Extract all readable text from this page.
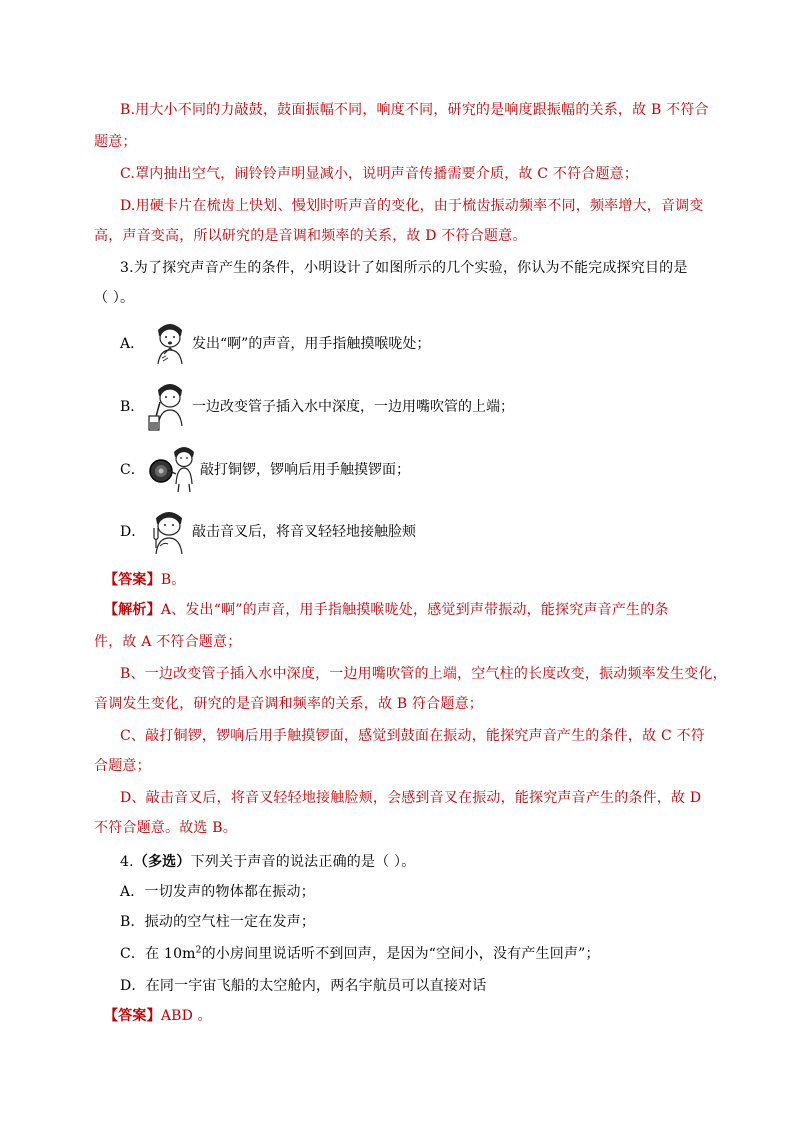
B.用大小不同的力敲鼓，鼓面振幅不同，响度不同，研究的是响度跟振幅的关系，故 B 不符合
题意；
C.罩内抽出空气，闹铃铃声明显减小，说明声音传播需要介质，故 C 不符合题意；
D.用硬卡片在梳齿上快划、慢划时听声音的变化，由于梳齿振动频率不同，频率增大，音调变
高，声音变高，所以研究的是音调和频率的关系，故 D 不符合题意。
3.为了探究声音产生的条件，小明设计了如图所示的几个实验，你认为不能完成探究目的是
（ ）。
A．	发出“啊”的声音，用手指触摸喉咙处；
B．	一边改变管子插入水中深度，一边用嘴吹管的上端；
C．	敲打铜锣，锣响后用手触摸锣面；
D．	敲击音叉后，将音叉轻轻地接触脸颊
【答案】B。
【解析】A、发出“啊”的声音，用手指触摸喉咙处，感觉到声带振动，能探究声音产生的条
件，故 A 不符合题意；
B、一边改变管子插入水中深度，一边用嘴吹管的上端，空气柱的长度改变，振动频率发生变化，
音调发生变化，研究的是音调和频率的关系，故 B 符合题意；
C、敲打铜锣，锣响后用手触摸锣面，感觉到鼓面在振动，能探究声音产生的条件，故 C 不符
合题意；
D、敲击音叉后，将音叉轻轻地接触脸颊，会感到音叉在振动，能探究声音产生的条件，故 D
不符合题意。故选 B。
4.（多选）下列关于声音的说法正确的是（ ）。
A．一切发声的物体都在振动；
B．振动的空气柱一定在发声；
C．在 $10m^2$的小房间里说话听不到回声，是因为“空间小，没有产生回声”；
D．在同一宇宙飞船的太空舱内，两名宇航员可以直接对话
【答案】ABD 。
